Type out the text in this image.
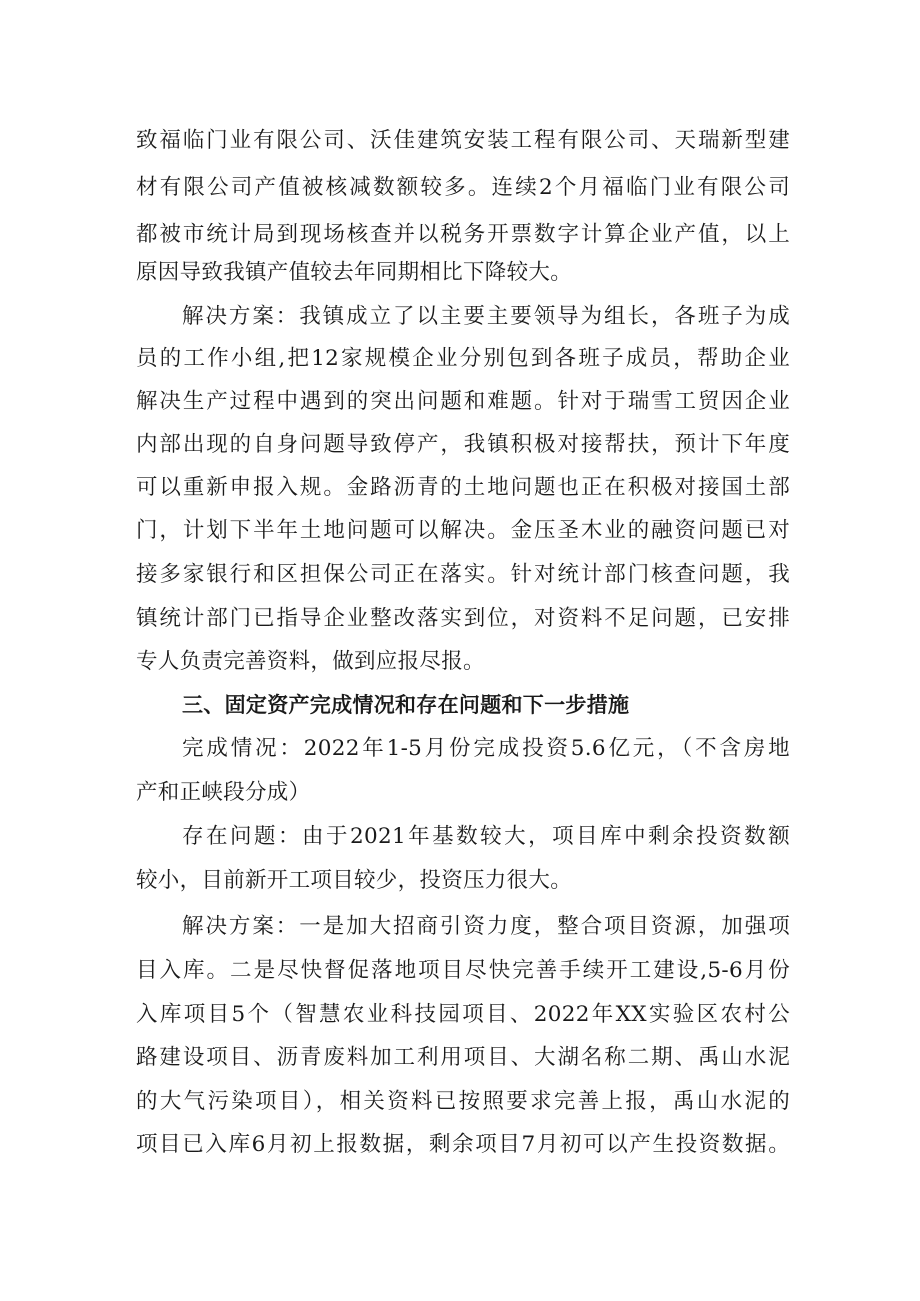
致福临门业有限公司、沃佳建筑安装工程有限公司、天瑞新型建
材有限公司产值被核减数额较多。连续2个月福临门业有限公司
都被市统计局到现场核查并以税务开票数字计算企业产值，以上
原因导致我镇产值较去年同期相比下降较大。
解决方案：我镇成立了以主要主要领导为组长，各班子为成
员的工作小组,把12家规模企业分别包到各班子成员，帮助企业
解决生产过程中遇到的突出问题和难题。针对于瑞雪工贸因企业
内部出现的自身问题导致停产，我镇积极对接帮扶，预计下年度
可以重新申报入规。金路沥青的土地问题也正在积极对接国土部
门，计划下半年土地问题可以解决。金压圣木业的融资问题已对
接多家银行和区担保公司正在落实。针对统计部门核查问题，我
镇统计部门已指导企业整改落实到位，对资料不足问题，已安排
专人负责完善资料，做到应报尽报。
三、固定资产完成情况和存在问题和下一步措施
完成情况：2022年1-5月份完成投资5.6亿元，（不含房地
产和正峡段分成）
存在问题：由于2021年基数较大，项目库中剩余投资数额
较小，目前新开工项目较少，投资压力很大。
解决方案：一是加大招商引资力度，整合项目资源，加强项
目入库。二是尽快督促落地项目尽快完善手续开工建设,5-6月份
入库项目5个（智慧农业科技园项目、2022年XX实验区农村公
路建设项目、沥青废料加工利用项目、大湖名称二期、禹山水泥
的大气污染项目），相关资料已按照要求完善上报，禹山水泥的
项目已入库6月初上报数据，剩余项目7月初可以产生投资数据。
